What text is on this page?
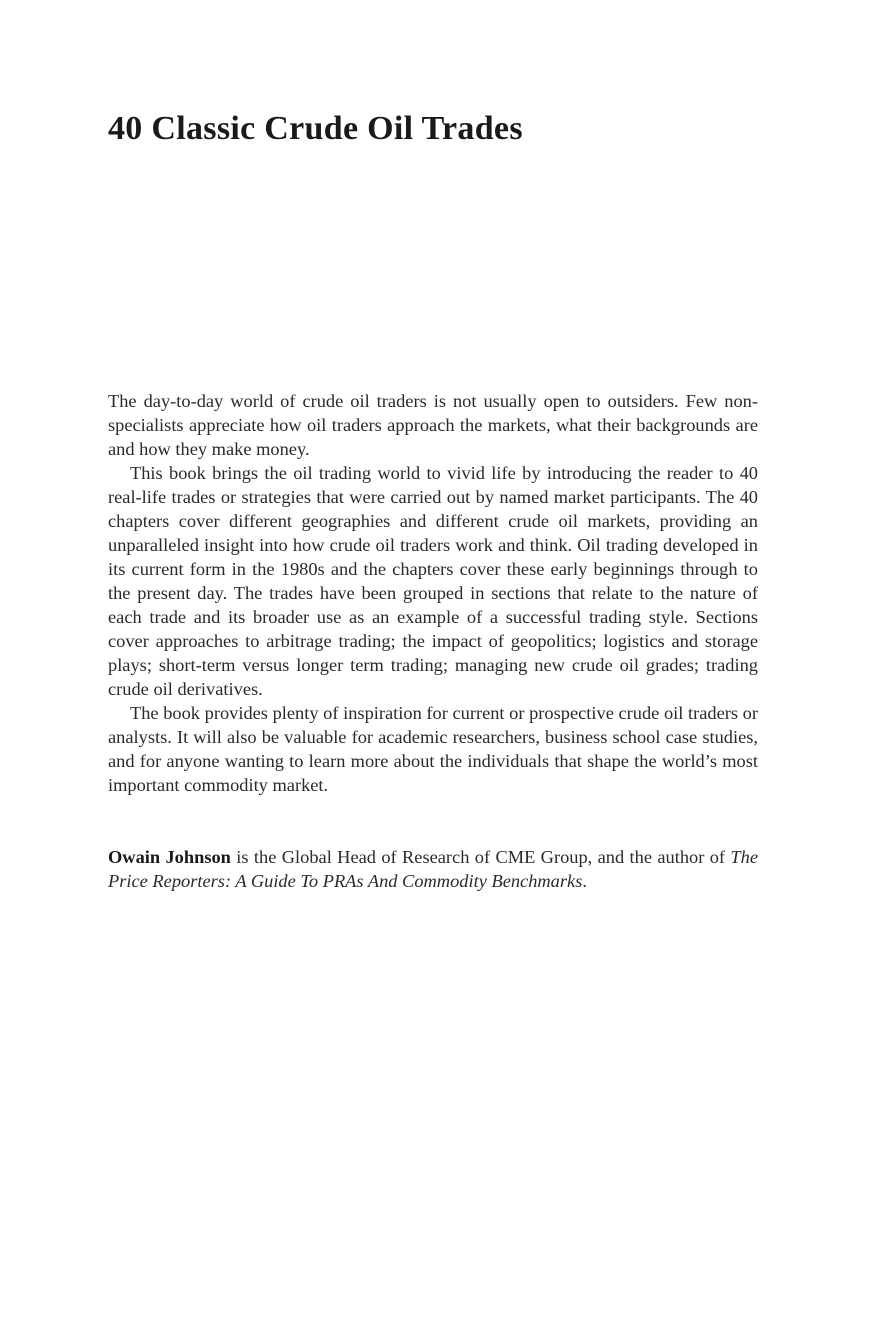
40 Classic Crude Oil Trades

The day-to-day world of crude oil traders is not usually open to outsiders. Few non-specialists appreciate how oil traders approach the markets, what their backgrounds are and how they make money.

This book brings the oil trading world to vivid life by introducing the reader to 40 real-life trades or strategies that were carried out by named market participants. The 40 chapters cover different geographies and different crude oil markets, providing an unparalleled insight into how crude oil traders work and think. Oil trading developed in its current form in the 1980s and the chapters cover these early beginnings through to the present day. The trades have been grouped in sections that relate to the nature of each trade and its broader use as an example of a successful trading style. Sections cover approaches to arbitrage trading; the impact of geopolitics; logistics and storage plays; short-term versus longer term trading; managing new crude oil grades; trading crude oil derivatives.

The book provides plenty of inspiration for current or prospective crude oil traders or analysts. It will also be valuable for academic researchers, business school case studies, and for anyone wanting to learn more about the individuals that shape the world’s most important commodity market.

Owain Johnson is the Global Head of Research of CME Group, and the author of The Price Reporters: A Guide To PRAs And Commodity Benchmarks.
